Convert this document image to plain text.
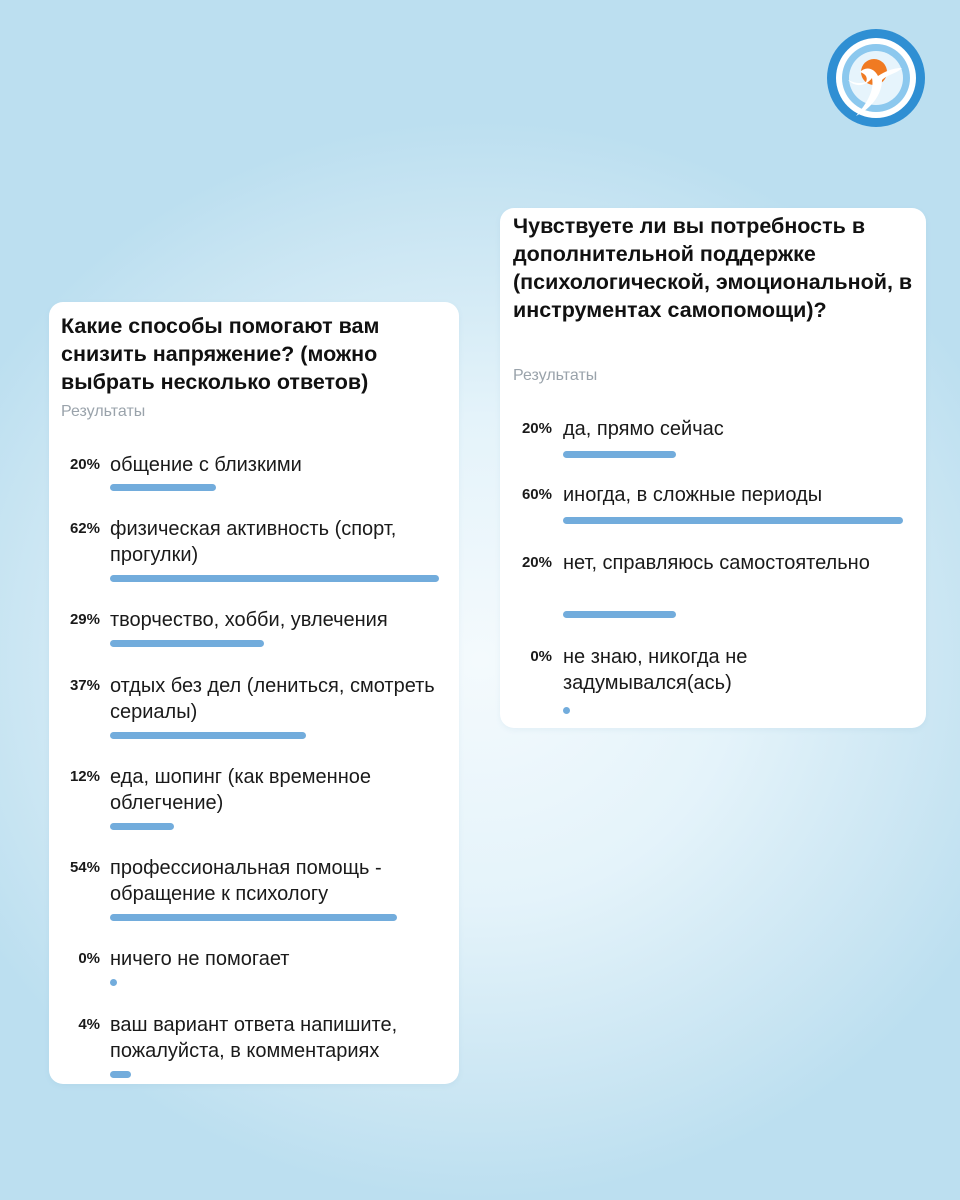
Какие способы помогают вам снизить напряжение? (можно выбрать несколько ответов)

Результаты
20% общение с близкими
62% физическая активность (спорт, прогулки)
29% творчество, хобби, увлечения
37% отдых без дел (лениться, смотреть сериалы)
12% еда, шопинг (как временное облегчение)
54% профессиональная помощь - обращение к психологу
0% ничего не помогает
4% ваш вариант ответа напишите, пожалуйста, в комментариях

Чувствуете ли вы потребность в дополнительной поддержке (психологической, эмоциональной, в инструментах самопомощи)?

Результаты
20% да, прямо сейчас
60% иногда, в сложные периоды
20% нет, справляюсь самостоятельно
0% не знаю, никогда не задумывался(ась)
